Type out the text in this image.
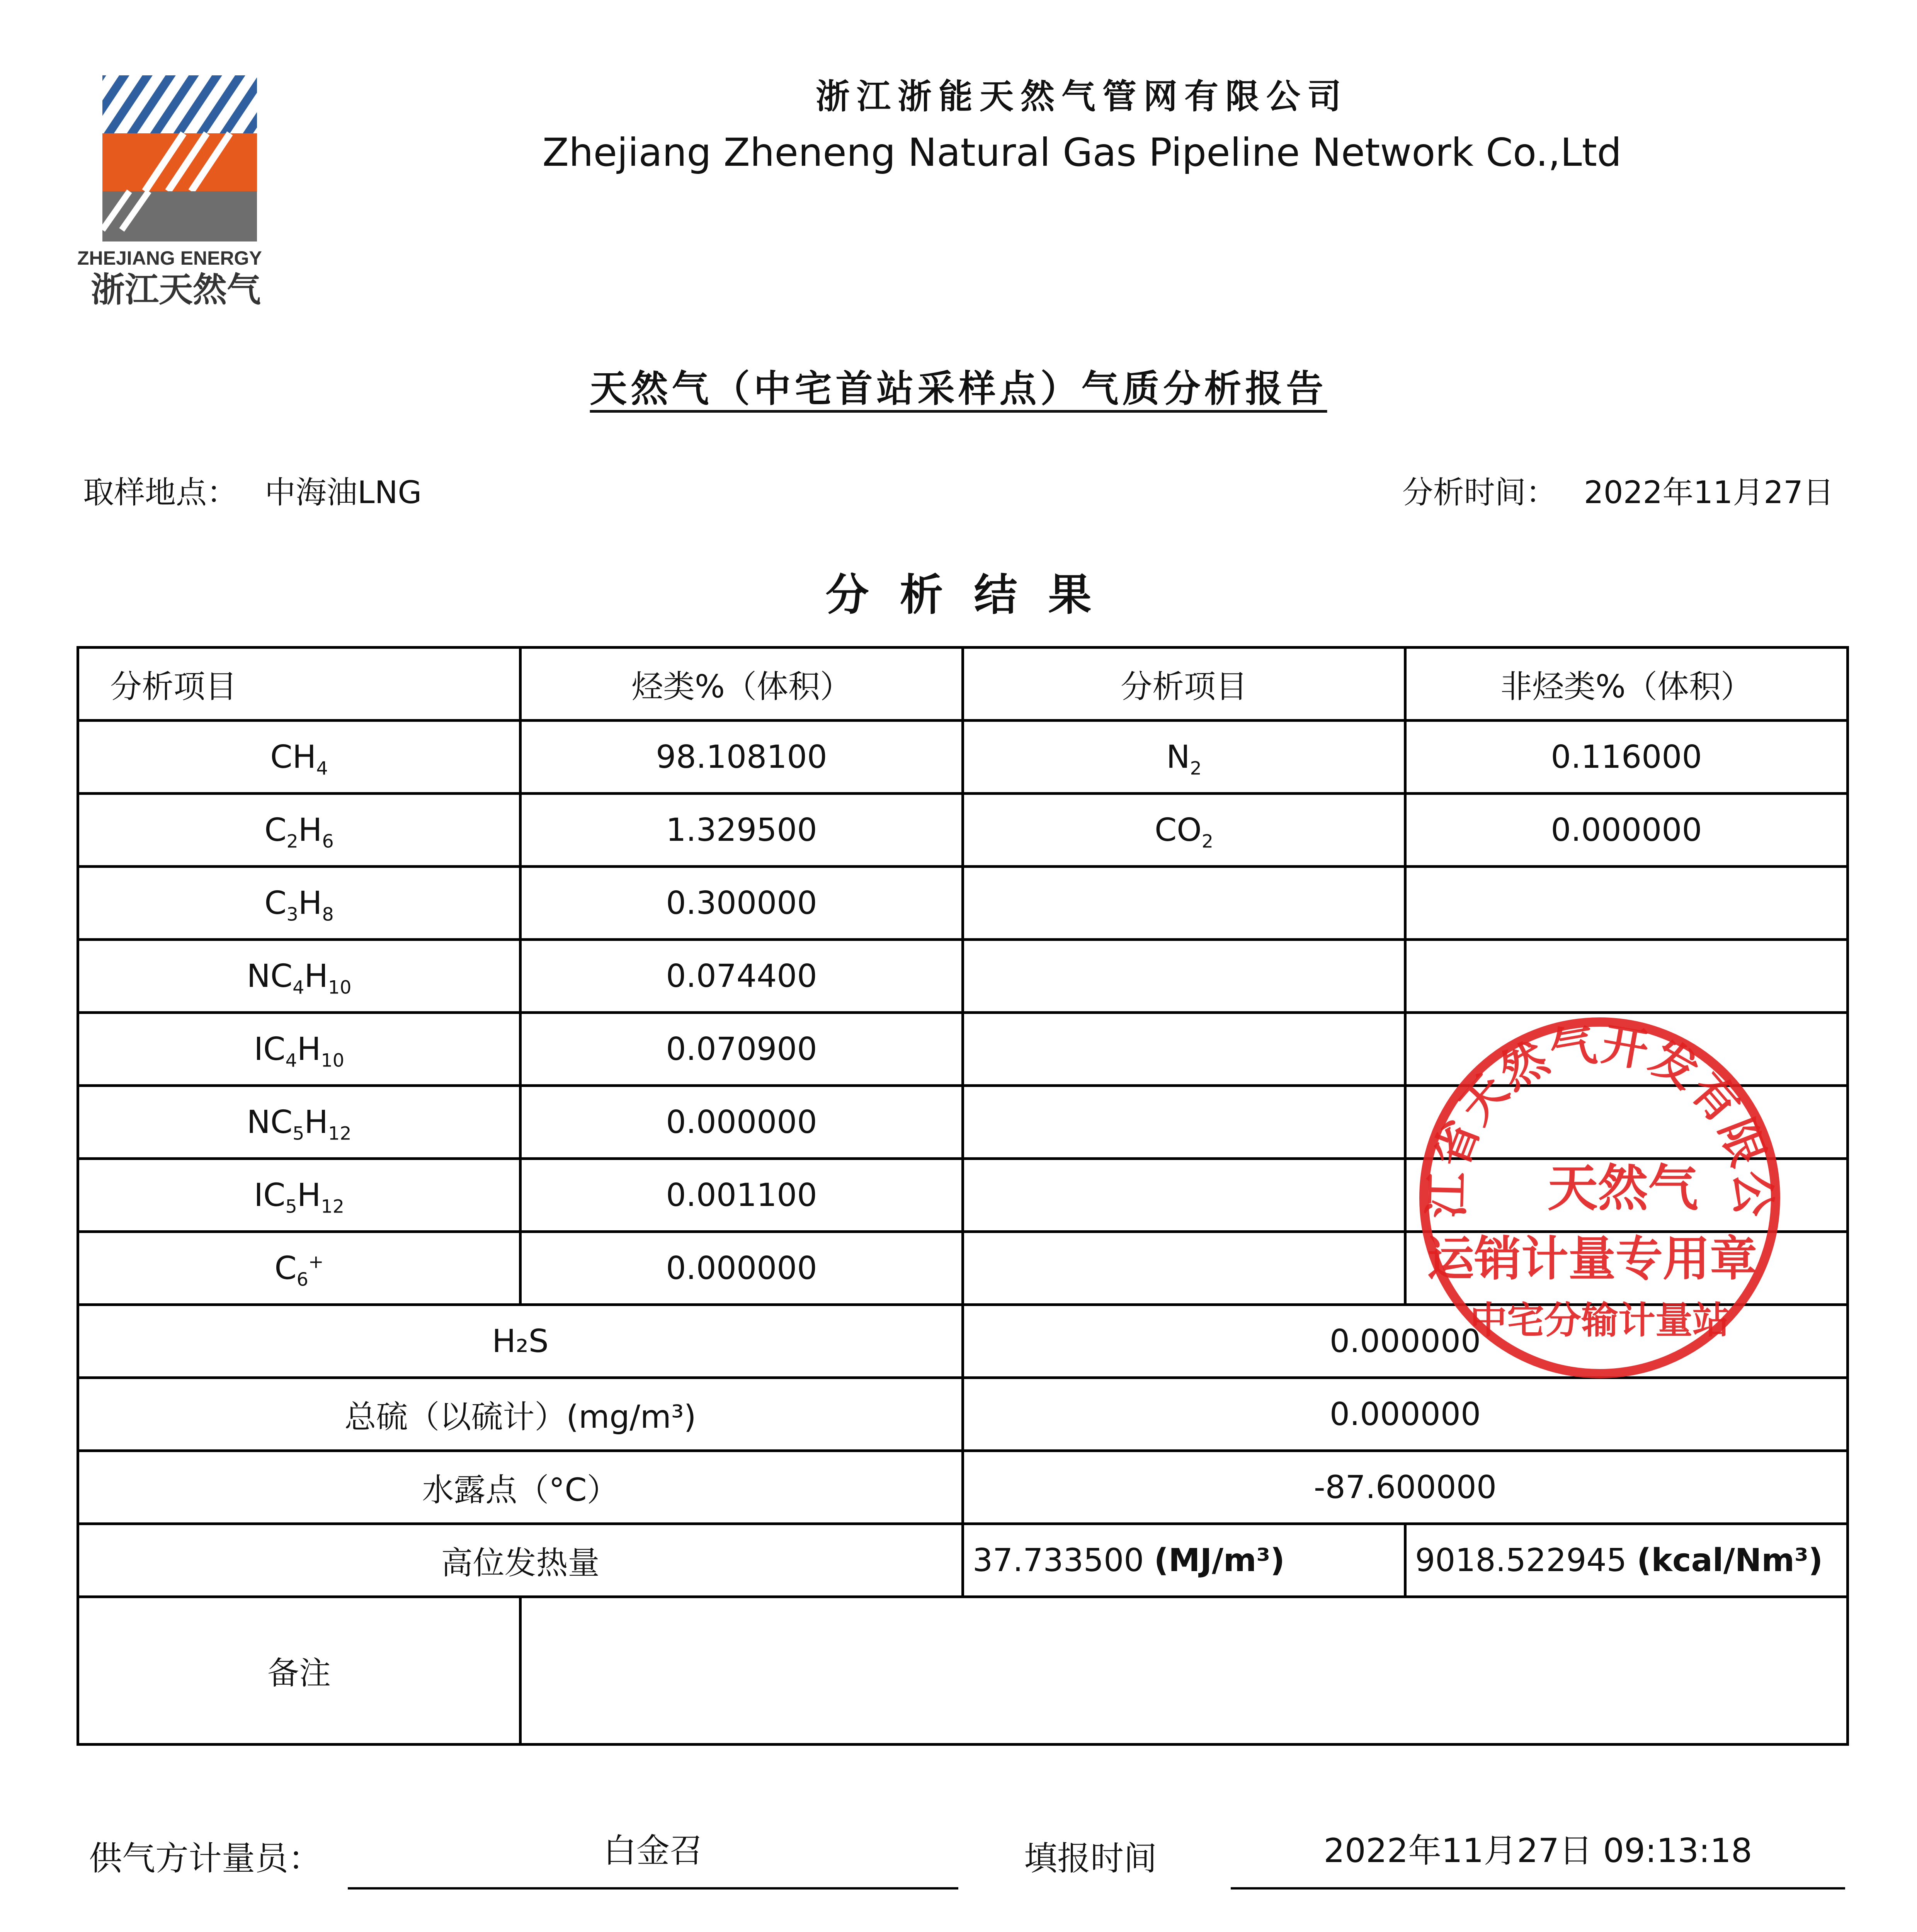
ZHEJIANG ENERGY
浙江天然气
浙江浙能天然气管网有限公司
Zhejiang Zheneng Natural Gas Pipeline Network Co.,Ltd
天然气（中宅首站采样点）气质分析报告
取样地点： 中海油LNG	分析时间： 2022年11月27日
分析结果
分析项目	烃类%（体积）	分析项目	非烃类%（体积）
$CH_4$	98.108100	$N_2$	0.116000
$C_2H_6$	1.329500	$CO_2$	0.000000
$C_3H_8$	0.300000		
$NC_4H_{10}$	0.074400		
$IC_4H_{10}$	0.070900		
$NC_5H_{12}$	0.000000		
$IC_5H_{12}$	0.001100		
$C_6^+$	0.000000		
H₂S		0.000000	
总硫（以硫计）(mg/m³)		0.000000	
水露点（°C）		-87.600000	
高位发热量		37.733500 (MJ/m³)	9018.522945 (kcal/Nm³)
备注			
江省天然气开发有限公
天然气
运销计量专用章
中宅分输计量站
供气方计量员：	白金召	填报时间	2022年11月27日 09:13:18
